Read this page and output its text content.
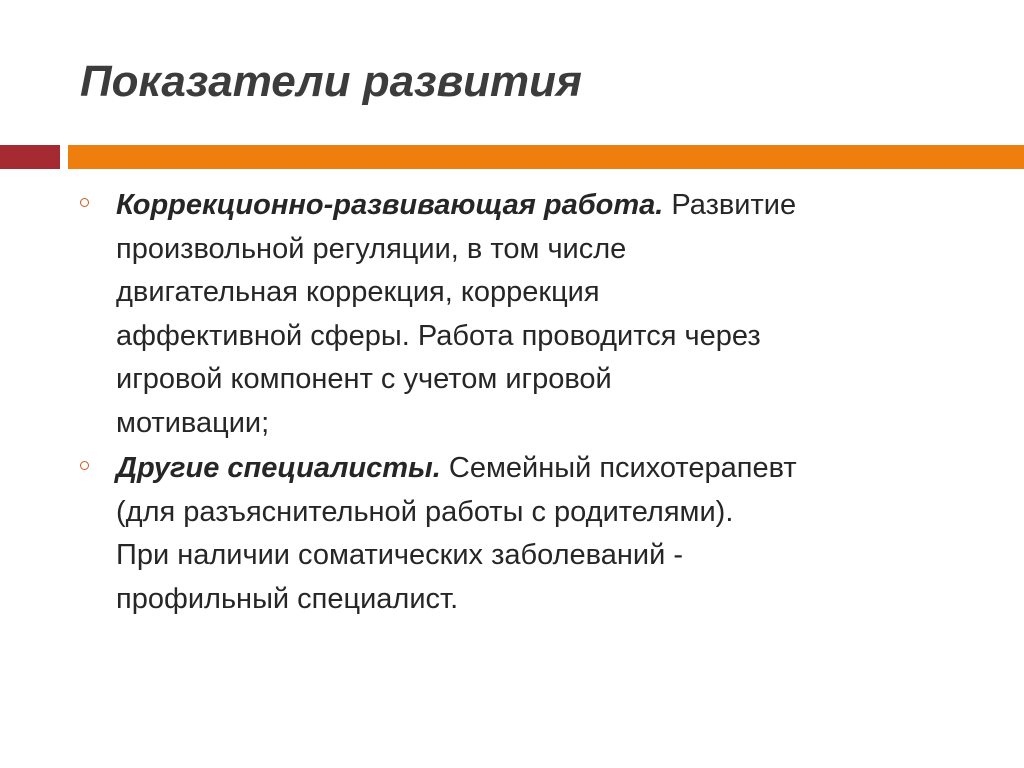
Показатели развития
Коррекционно-развивающая работа. Развитие
произвольной регуляции, в том числе
двигательная коррекция, коррекция
аффективной сферы. Работа проводится через
игровой компонент с учетом игровой
мотивации;
Другие специалисты. Семейный психотерапевт
(для разъяснительной работы с родителями).
При наличии соматических заболеваний -
профильный специалист.
